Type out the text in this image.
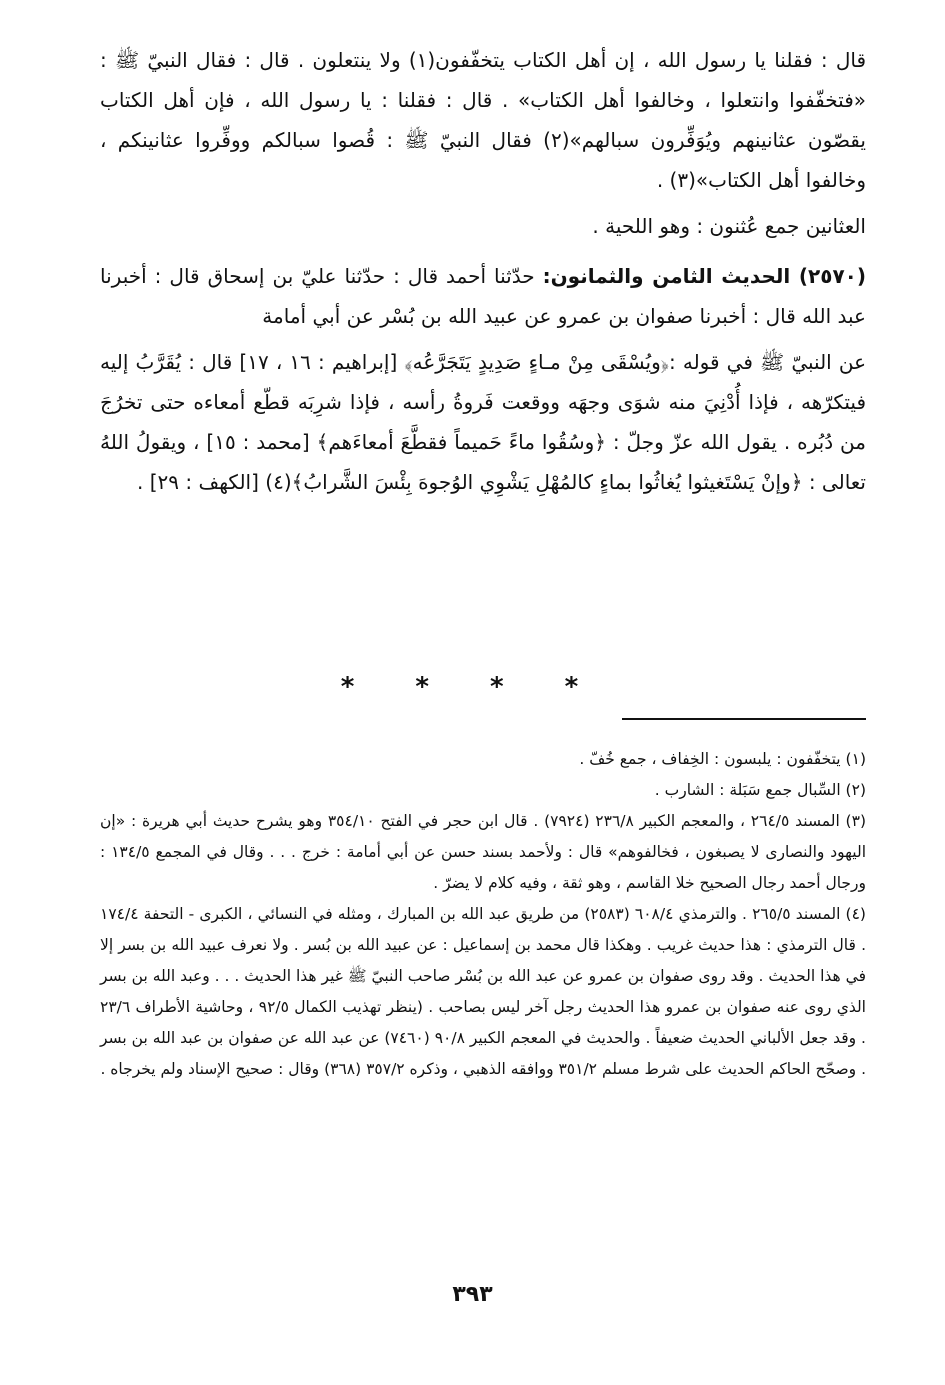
قال : فقلنا يا رسول الله ، إن أهل الكتاب يتخفّفون(١) ولا ينتعلون . قال : فقال النبيّ ﷺ : «فتخفّفوا وانتعلوا ، وخالفوا أهل الكتاب» . قال : فقلنا : يا رسول الله ، فإن أهل الكتاب يقصّون عثانينهم ويُوَفِّرون سبالهم»(٢) فقال النبيّ ﷺ : قُصوا سبالكم ووفِّروا عثانينكم ، وخالفوا أهل الكتاب»(٣) .

العثانين جمع عُثنون : وهو اللحية .

(٢٥٧٠) الحديث الثامن والثمانون: حدّثنا أحمد قال : حدّثنا عليّ بن إسحاق قال : أخبرنا عبد الله قال : أخبرنا صفوان بن عمرو عن عبيد الله بن بُسْر عن أبي أمامة

عن النبيّ ﷺ في قوله :﴿ويُسْقَى مِنْ مـاءٍ صَدِيدٍ يَتَجَرَّعُه﴾ [إبراهيم : ١٦ ، ١٧] قال : يُقَرَّبُ إليه فيتكرّهه ، فإذا أُدْنِيَ منه شوَى وجهَه ووقعت فَروةُ رأسه ، فإذا شرِبَه قطّع أمعاءه حتى تخرُجَ من دُبُره . يقول الله عزّ وجلّ : ﴿وسُقُوا ماءً حَميماً فقطَّعَ أمعاءَهم﴾ [محمد : ١٥] ، ويقولُ اللهُ تعالى : ﴿وإنْ يَسْتَغيثوا يُغاثُوا بماءٍ كالمُهْلِ يَشْوِي الوُجوهَ بِئْسَ الشَّرابُ﴾(٤) [الكهف : ٢٩] .

* * * *

(١) يتخفّفون : يلبسون : الخِفاف ، جمع خُفّ .

(٢) السِّبال جمع سَبَلة : الشارب .

(٣) المسند ٢٦٤/٥ ، والمعجم الكبير ٢٣٦/٨ (٧٩٢٤) . قال ابن حجر في الفتح ٣٥٤/١٠ وهو يشرح حديث أبي هريرة : «إن اليهود والنصارى لا يصبغون ، فخالفوهم» قال : ولأحمد بسند حسن عن أبي أمامة : خرج . . . وقال في المجمع ١٣٤/٥ : ورجال أحمد رجال الصحيح خلا القاسم ، وهو ثقة ، وفيه كلام لا يضرّ .

(٤) المسند ٢٦٥/٥ . والترمذي ٦٠٨/٤ (٢٥٨٣) من طريق عبد الله بن المبارك ، ومثله في النسائي ، الكبرى - التحفة ١٧٤/٤ . قال الترمذي : هذا حديث غريب . وهكذا قال محمد بن إسماعيل : عن عبيد الله بن بُسر . ولا نعرف عبيد الله بن بسر إلا في هذا الحديث . وقد روى صفوان بن عمرو عن عبد الله بن بُسْر صاحب النبيّ ﷺ غير هذا الحديث . . . وعبد الله بن بسر الذي روى عنه صفوان بن عمرو هذا الحديث رجل آخر ليس بصاحب . (ينظر تهذيب الكمال ٩٢/٥ ، وحاشية الأطراف ٢٣/٦ . وقد جعل الألباني الحديث ضعيفاً . والحديث في المعجم الكبير ٩٠/٨ (٧٤٦٠) عن عبد الله عن صفوان بن عبد الله بن بسر . وصحّح الحاكم الحديث على شرط مسلم ٣٥١/٢ ووافقه الذهبي ، وذكره ٣٥٧/٢ (٣٦٨) وقال : صحيح الإسناد ولم يخرجاه .

٣٩٣
